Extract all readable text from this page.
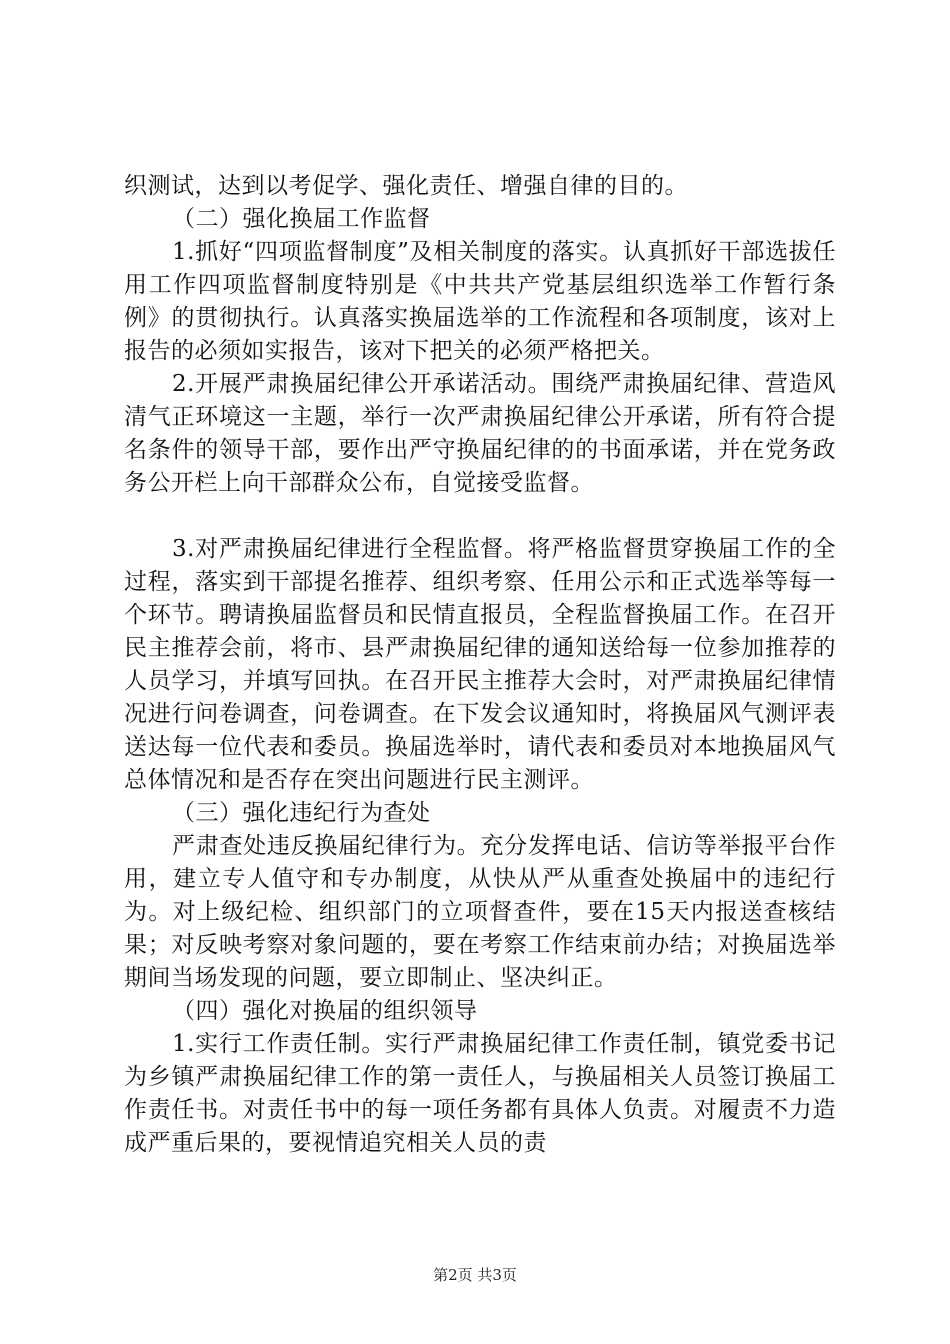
织测试，达到以考促学、强化责任、增强自律的目的。

（二）强化换届工作监督

1.抓好“四项监督制度”及相关制度的落实。认真抓好干部选拔任用工作四项监督制度特别是《中共共产党基层组织选举工作暂行条例》的贯彻执行。认真落实换届选举的工作流程和各项制度，该对上报告的必须如实报告，该对下把关的必须严格把关。

2.开展严肃换届纪律公开承诺活动。围绕严肃换届纪律、营造风清气正环境这一主题，举行一次严肃换届纪律公开承诺，所有符合提名条件的领导干部，要作出严守换届纪律的的书面承诺，并在党务政务公开栏上向干部群众公布，自觉接受监督。

3.对严肃换届纪律进行全程监督。将严格监督贯穿换届工作的全过程，落实到干部提名推荐、组织考察、任用公示和正式选举等每一个环节。聘请换届监督员和民情直报员，全程监督换届工作。在召开民主推荐会前，将市、县严肃换届纪律的通知送给每一位参加推荐的人员学习，并填写回执。在召开民主推荐大会时，对严肃换届纪律情况进行问卷调查，问卷调查。在下发会议通知时，将换届风气测评表送达每一位代表和委员。换届选举时，请代表和委员对本地换届风气总体情况和是否存在突出问题进行民主测评。

（三）强化违纪行为查处

严肃查处违反换届纪律行为。充分发挥电话、信访等举报平台作用，建立专人值守和专办制度，从快从严从重查处换届中的违纪行为。对上级纪检、组织部门的立项督查件，要在15天内报送查核结果；对反映考察对象问题的，要在考察工作结束前办结；对换届选举期间当场发现的问题，要立即制止、坚决纠正。

（四）强化对换届的组织领导

1.实行工作责任制。实行严肃换届纪律工作责任制，镇党委书记为乡镇严肃换届纪律工作的第一责任人，与换届相关人员签订换届工作责任书。对责任书中的每一项任务都有具体人负责。对履责不力造成严重后果的，要视情追究相关人员的责

第2页 共3页
